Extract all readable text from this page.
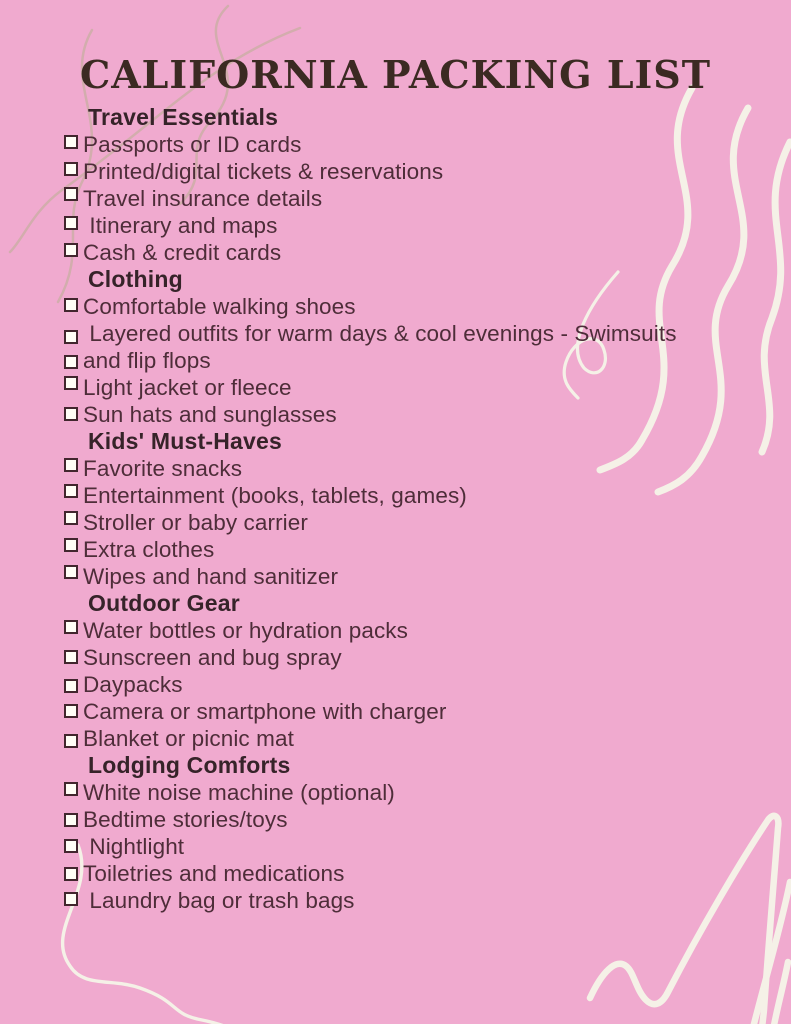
CALIFORNIA PACKING LIST
Travel Essentials
Passports or ID cards
Printed/digital tickets & reservations
Travel insurance details
Itinerary and maps
Cash & credit cards
Clothing
Comfortable walking shoes
Layered outfits for warm days & cool evenings - Swimsuits
and flip flops
Light jacket or fleece
Sun hats and sunglasses
Kids' Must-Haves
Favorite snacks
Entertainment (books, tablets, games)
Stroller or baby carrier
Extra clothes
Wipes and hand sanitizer
Outdoor Gear
Water bottles or hydration packs
Sunscreen and bug spray
Daypacks
Camera or smartphone with charger
Blanket or picnic mat
Lodging Comforts
White noise machine (optional)
Bedtime stories/toys
Nightlight
Toiletries and medications
Laundry bag or trash bags
